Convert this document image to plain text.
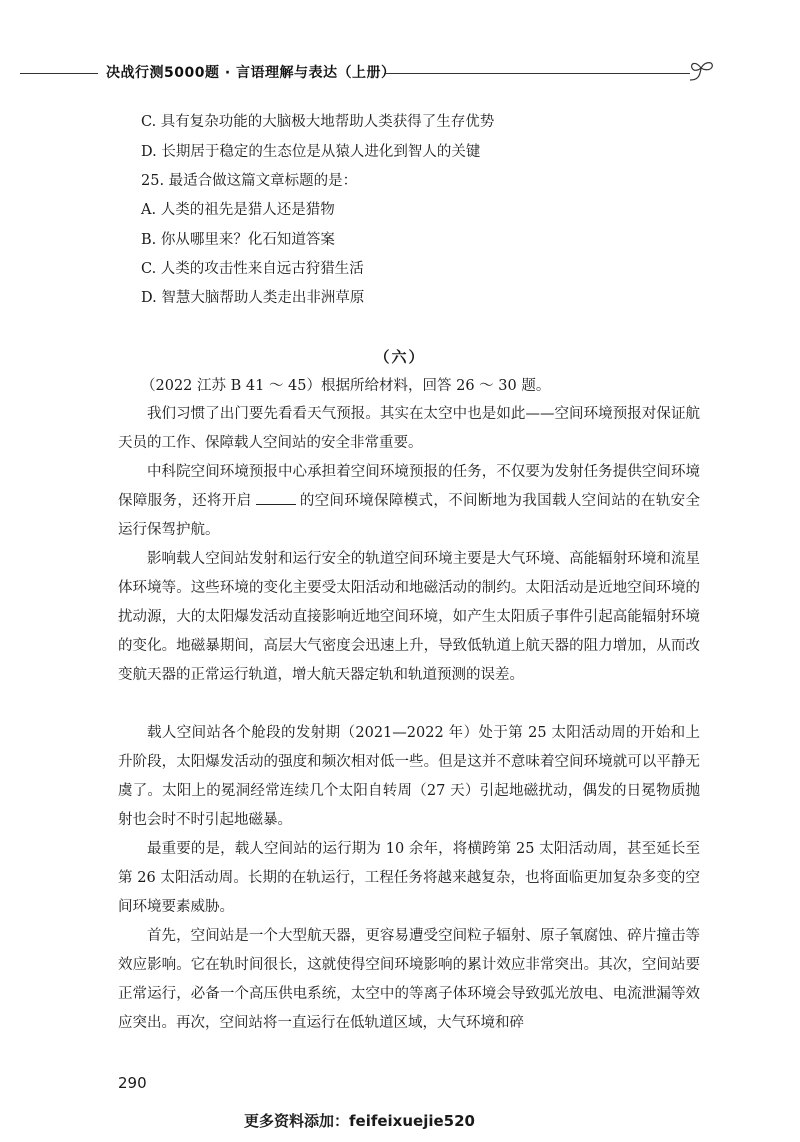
决战行测5000题 · 言语理解与表达（上册）
C. 具有复杂功能的大脑极大地帮助人类获得了生存优势
D. 长期居于稳定的生态位是从猿人进化到智人的关键
25. 最适合做这篇文章标题的是：
A. 人类的祖先是猎人还是猎物
B. 你从哪里来？化石知道答案
C. 人类的攻击性来自远古狩猎生活
D. 智慧大脑帮助人类走出非洲草原
（六）
（2022 江苏 B 41 ～ 45）根据所给材料，回答 26 ～ 30 题。
我们习惯了出门要先看看天气预报。其实在太空中也是如此——空间环境预报对保证航天员的工作、保障载人空间站的安全非常重要。
中科院空间环境预报中心承担着空间环境预报的任务，不仅要为发射任务提供空间环境保障服务，还将开启	的空间环境保障模式，不间断地为我国载人空间站的在轨安全运行保驾护航。
影响载人空间站发射和运行安全的轨道空间环境主要是大气环境、高能辐射环境和流星体环境等。这些环境的变化主要受太阳活动和地磁活动的制约。太阳活动是近地空间环境的扰动源，大的太阳爆发活动直接影响近地空间环境，如产生太阳质子事件引起高能辐射环境的变化。地磁暴期间，高层大气密度会迅速上升，导致低轨道上航天器的阻力增加，从而改变航天器的正常运行轨道，增大航天器定轨和轨道预测的误差。
载人空间站各个舱段的发射期（2021—2022 年）处于第 25 太阳活动周的开始和上升阶段，太阳爆发活动的强度和频次相对低一些。但是这并不意味着空间环境就可以平静无虞了。太阳上的冕洞经常连续几个太阳自转周（27 天）引起地磁扰动，偶发的日冕物质抛射也会时不时引起地磁暴。
最重要的是，载人空间站的运行期为 10 余年，将横跨第 25 太阳活动周，甚至延长至第 26 太阳活动周。长期的在轨运行，工程任务将越来越复杂，也将面临更加复杂多变的空间环境要素威胁。
首先，空间站是一个大型航天器，更容易遭受空间粒子辐射、原子氧腐蚀、碎片撞击等效应影响。它在轨时间很长，这就使得空间环境影响的累计效应非常突出。其次，空间站要正常运行，必备一个高压供电系统，太空中的等离子体环境会导致弧光放电、电流泄漏等效应突出。再次，空间站将一直运行在低轨道区域，大气环境和碎
290
更多资料添加：feifeixuejie520
